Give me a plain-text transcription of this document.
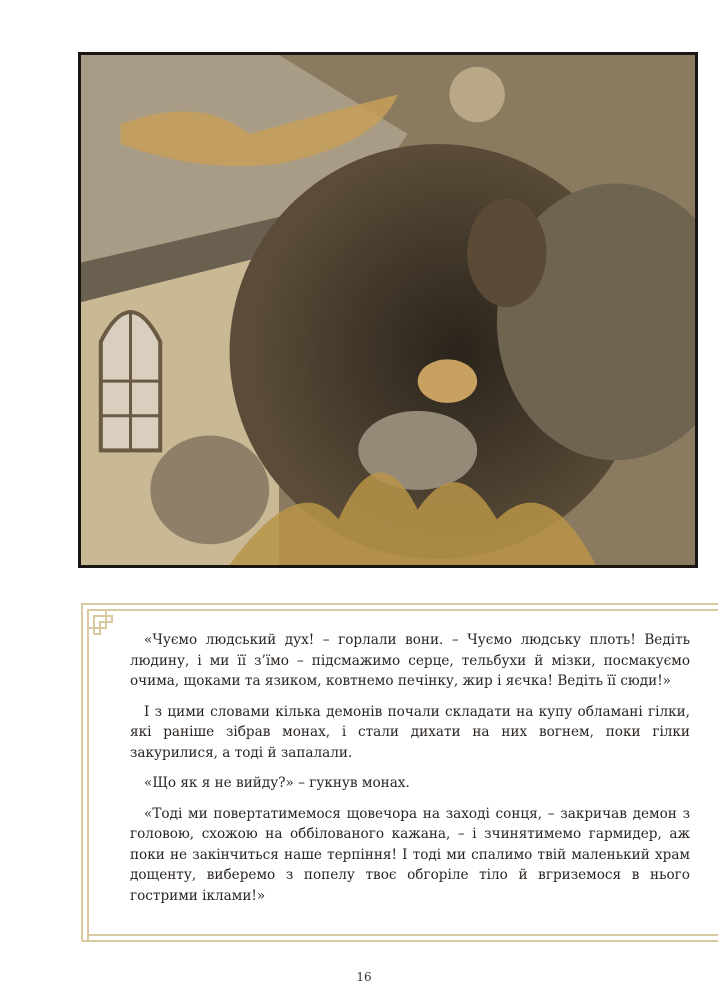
«Чуємо людський дух! – горлали вони. – Чуємо людську плоть! Ведіть людину, і ми її з’їмо – підсмажимо серце, тельбухи й мізки, посмакуємо очима, щоками та язиком, ковтнемо печінку, жир і яєчка! Ведіть її сюди!»

І з цими словами кілька демонів почали складати на купу обламані гілки, які раніше зібрав монах, і стали дихати на них вогнем, поки гілки закурилися, а тоді й запалали.

«Що як я не вийду?» – гукнув монах.

«Тоді ми повертатимемося щовечора на заході сонця, – закричав демон з головою, схожою на оббілованого кажана, – і зчинятимемо гармидер, аж поки не закінчиться наше терпіння! І тоді ми спалимо твій маленький храм дощенту, виберемо з попелу твоє обгоріле тіло й вгриземося в нього гострими іклами!»

16
